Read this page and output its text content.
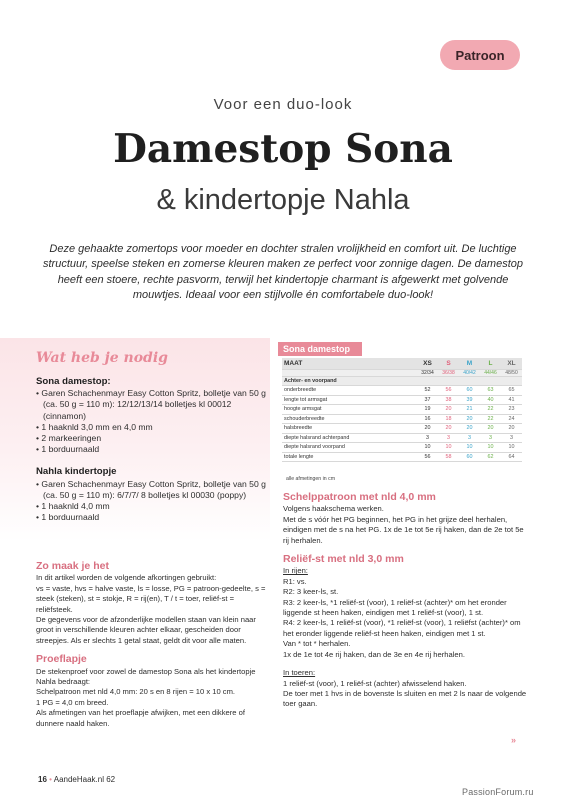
Patroon
Voor een duo-look
Damestop Sona
& kindertopje Nahla

Deze gehaakte zomertops voor moeder en dochter stralen vrolijkheid en comfort uit. De luchtige structuur, speelse steken en zomerse kleuren maken ze perfect voor zonnige dagen. De damestop heeft een stoere, rechte pasvorm, terwijl het kindertopje charmant is afgewerkt met golvende mouwtjes. Ideaal voor een stijlvolle én comfortabele duo-look!

Wat heb je nodig
Sona damestop:
• Garen Schachenmayr Easy Cotton Spritz, bolletje van 50 g (ca. 50 g = 110 m): 12/12/13/14 bolletjes kl 00012 (cinnamon)
• 1 haaknld 3,0 mm en 4,0 mm
• 2 markeeringen
• 1 borduurnaald
Nahla kindertopje
• Garen Schachenmayr Easy Cotton Spritz, bolletje van 50 g (ca. 50 g = 110 m): 6/7/7/ 8 bolletjes kl 00030 (poppy)
• 1 haaknld 4,0 mm
• 1 borduurnaald
Zo maak je het

In dit artikel worden de volgende afkortingen gebruikt:

vs = vaste, hvs = halve vaste, ls = losse, PG = patroon-gedeelte, s = steek (steken), st = stokje, R = rij(en), T / t = toer, reliëf-st = reliëfsteek.

De gegevens voor de afzonderlijke modellen staan van klein naar groot in verschillende kleuren achter elkaar, gescheiden door streepjes. Als er slechts 1 getal staat, geldt dit voor alle maten.

Proeflapje

De stekenproef voor zowel de damestop Sona als het kindertopje Nahla bedraagt:

Schelpatroon met nld 4,0 mm: 20 s en 8 rijen = 10 x 10 cm.

1 PG = 4,0 cm breed.

Als afmetingen van het proeflapje afwijken, met een dikkere of dunnere naald haken.

Sona damestop
MAAT	XS	S	M	L	XL
	32/34	36/38	40/42	44/46	48/50
Achter- en voorpand					
onderbreedte	52	56	60	63	65
lengte tot armsgat	37	38	39	40	41
hoogte armsgat	19	20	21	22	23
schouderbreedte	16	18	20	22	24
halsbreedte	20	20	20	20	20
diepte halsrand achterpand	3	3	3	3	3
diepte halsrand voorpand	10	10	10	10	10
totale lengte	56	58	60	62	64
alle afmetingen in cm
Schelppatroon met nld 4,0 mm

Volgens haakschema werken.

Met de s vóór het PG beginnen, het PG in het grijze deel herhalen, eindigen met de s na het PG. 1x de 1e tot 5e rij haken, dan de 2e tot 5e rij herhalen.

Reliëf-st met nld 3,0 mm

In rijen:

R1: vs.

R2: 3 keer-ls, st.

R3: 2 keer-ls, *1 reliëf-st (voor), 1 reliëf-st (achter)* om het eronder liggende st heen haken, eindigen met 1 reliëf-st (voor), 1 st.

R4: 2 keer-ls, 1 reliëf-st (voor), *1 reliëf-st (voor), 1 reliëfst (achter)* om het eronder liggende reliëf-st heen haken, eindigen met 1 st.

Van * tot * herhalen.

1x de 1e tot 4e rij haken, dan de 3e en 4e rij herhalen.

In toeren:

1 reliëf-st (voor), 1 reliëf-st (achter) afwisselend haken.

De toer met 1 hvs in de bovenste ls sluiten en met 2 ls naar de volgende toer gaan.

»
16 • AandeHaak.nl 62
PassionForum.ru
